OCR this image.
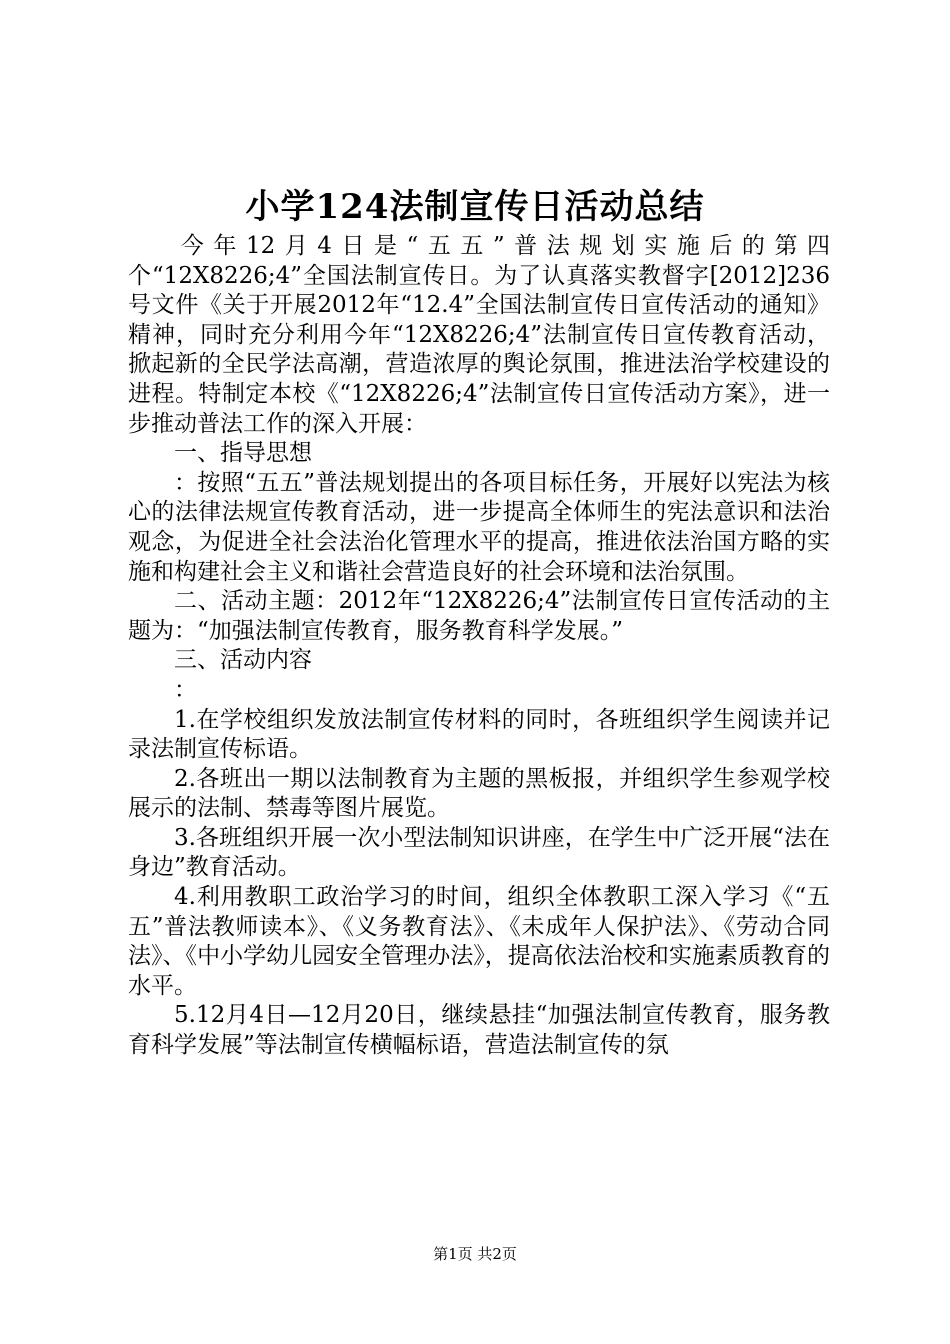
小学124法制宣传日活动总结

今年12月4日是“五五”普法规划实施后的第四个“12X8226;4”全国法制宣传日。为了认真落实教督字[2012]236号文件《关于开展2012年“12.4”全国法制宣传日宣传活动的通知》精神，同时充分利用今年“12X8226;4”法制宣传日宣传教育活动，掀起新的全民学法高潮，营造浓厚的舆论氛围，推进法治学校建设的进程。特制定本校《“12X8226;4”法制宣传日宣传活动方案》，进一步推动普法工作的深入开展：

一、指导思想

：按照“五五”普法规划提出的各项目标任务，开展好以宪法为核心的法律法规宣传教育活动，进一步提高全体师生的宪法意识和法治观念，为促进全社会法治化管理水平的提高，推进依法治国方略的实施和构建社会主义和谐社会营造良好的社会环境和法治氛围。

二、活动主题：2012年“12X8226;4”法制宣传日宣传活动的主题为：“加强法制宣传教育，服务教育科学发展。”

三、活动内容

：

1.在学校组织发放法制宣传材料的同时，各班组织学生阅读并记录法制宣传标语。

2.各班出一期以法制教育为主题的黑板报，并组织学生参观学校展示的法制、禁毒等图片展览。

3.各班组织开展一次小型法制知识讲座，在学生中广泛开展“法在身边”教育活动。

4.利用教职工政治学习的时间，组织全体教职工深入学习《“五五”普法教师读本》、《义务教育法》、《未成年人保护法》、《劳动合同法》、《中小学幼儿园安全管理办法》，提高依法治校和实施素质教育的水平。

5.12月4日—12月20日，继续悬挂“加强法制宣传教育，服务教育科学发展”等法制宣传横幅标语，营造法制宣传的氛

第1页 共2页
